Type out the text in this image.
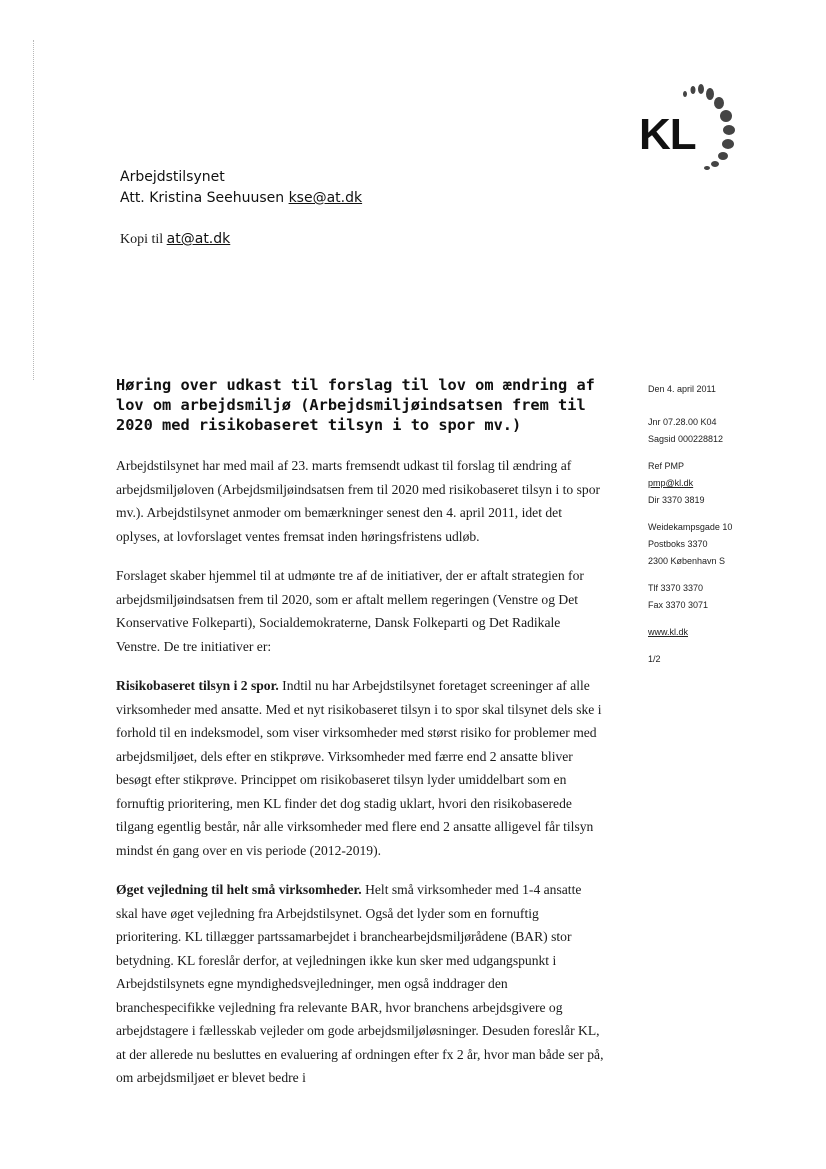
KL
Arbejdstilsynet
Att. Kristina Seehuusen kse@at.dk
Kopi til at@at.dk
Høring over udkast til forslag til lov om ændring af lov om arbejdsmiljø (Arbejdsmiljøindsatsen frem til 2020 med risikobaseret tilsyn i to spor mv.)

Arbejdstilsynet har med mail af 23. marts fremsendt udkast til forslag til ændring af arbejdsmiljøloven (Arbejdsmiljøindsatsen frem til 2020 med risikobaseret tilsyn i to spor mv.). Arbejdstilsynet anmoder om bemærkninger senest den 4. april 2011, idet det oplyses, at lovforslaget ventes fremsat inden høringsfristens udløb.

Forslaget skaber hjemmel til at udmønte tre af de initiativer, der er aftalt strategien for arbejdsmiljøindsatsen frem til 2020, som er aftalt mellem regeringen (Venstre og Det Konservative Folkeparti), Socialdemokraterne, Dansk Folkeparti og Det Radikale Venstre. De tre initiativer er:

Risikobaseret tilsyn i 2 spor. Indtil nu har Arbejdstilsynet foretaget screeninger af alle virksomheder med ansatte. Med et nyt risikobaseret tilsyn i to spor skal tilsynet dels ske i forhold til en indeksmodel, som viser virksomheder med størst risiko for problemer med arbejdsmiljøet, dels efter en stikprøve. Virksomheder med færre end 2 ansatte bliver besøgt efter stikprøve. Princippet om risikobaseret tilsyn lyder umiddelbart som en fornuftig prioritering, men KL finder det dog stadig uklart, hvori den risikobaserede tilgang egentlig består, når alle virksomheder med flere end 2 ansatte alligevel får tilsyn mindst én gang over en vis periode (2012-2019).

Øget vejledning til helt små virksomheder. Helt små virksomheder med 1-4 ansatte skal have øget vejledning fra Arbejdstilsynet. Også det lyder som en fornuftig prioritering. KL tillægger partssamarbejdet i branchearbejdsmiljørådene (BAR) stor betydning. KL foreslår derfor, at vejledningen ikke kun sker med udgangspunkt i Arbejdstilsynets egne myndighedsvejledninger, men også inddrager den branchespecifikke vejledning fra relevante BAR, hvor branchens arbejdsgivere og arbejdstagere i fællesskab vejleder om gode arbejdsmiljøløsninger. Desuden foreslår KL, at der allerede nu besluttes en evaluering af ordningen efter fx 2 år, hvor man både ser på, om arbejdsmiljøet er blevet bedre i

Den 4. april 2011
Jnr 07.28.00 K04
Sagsid 000228812
Ref PMP
pmp@kl.dk
Dir 3370 3819
Weidekampsgade 10
Postboks 3370
2300 København S
Tlf 3370 3370
Fax 3370 3071
www.kl.dk
1/2
